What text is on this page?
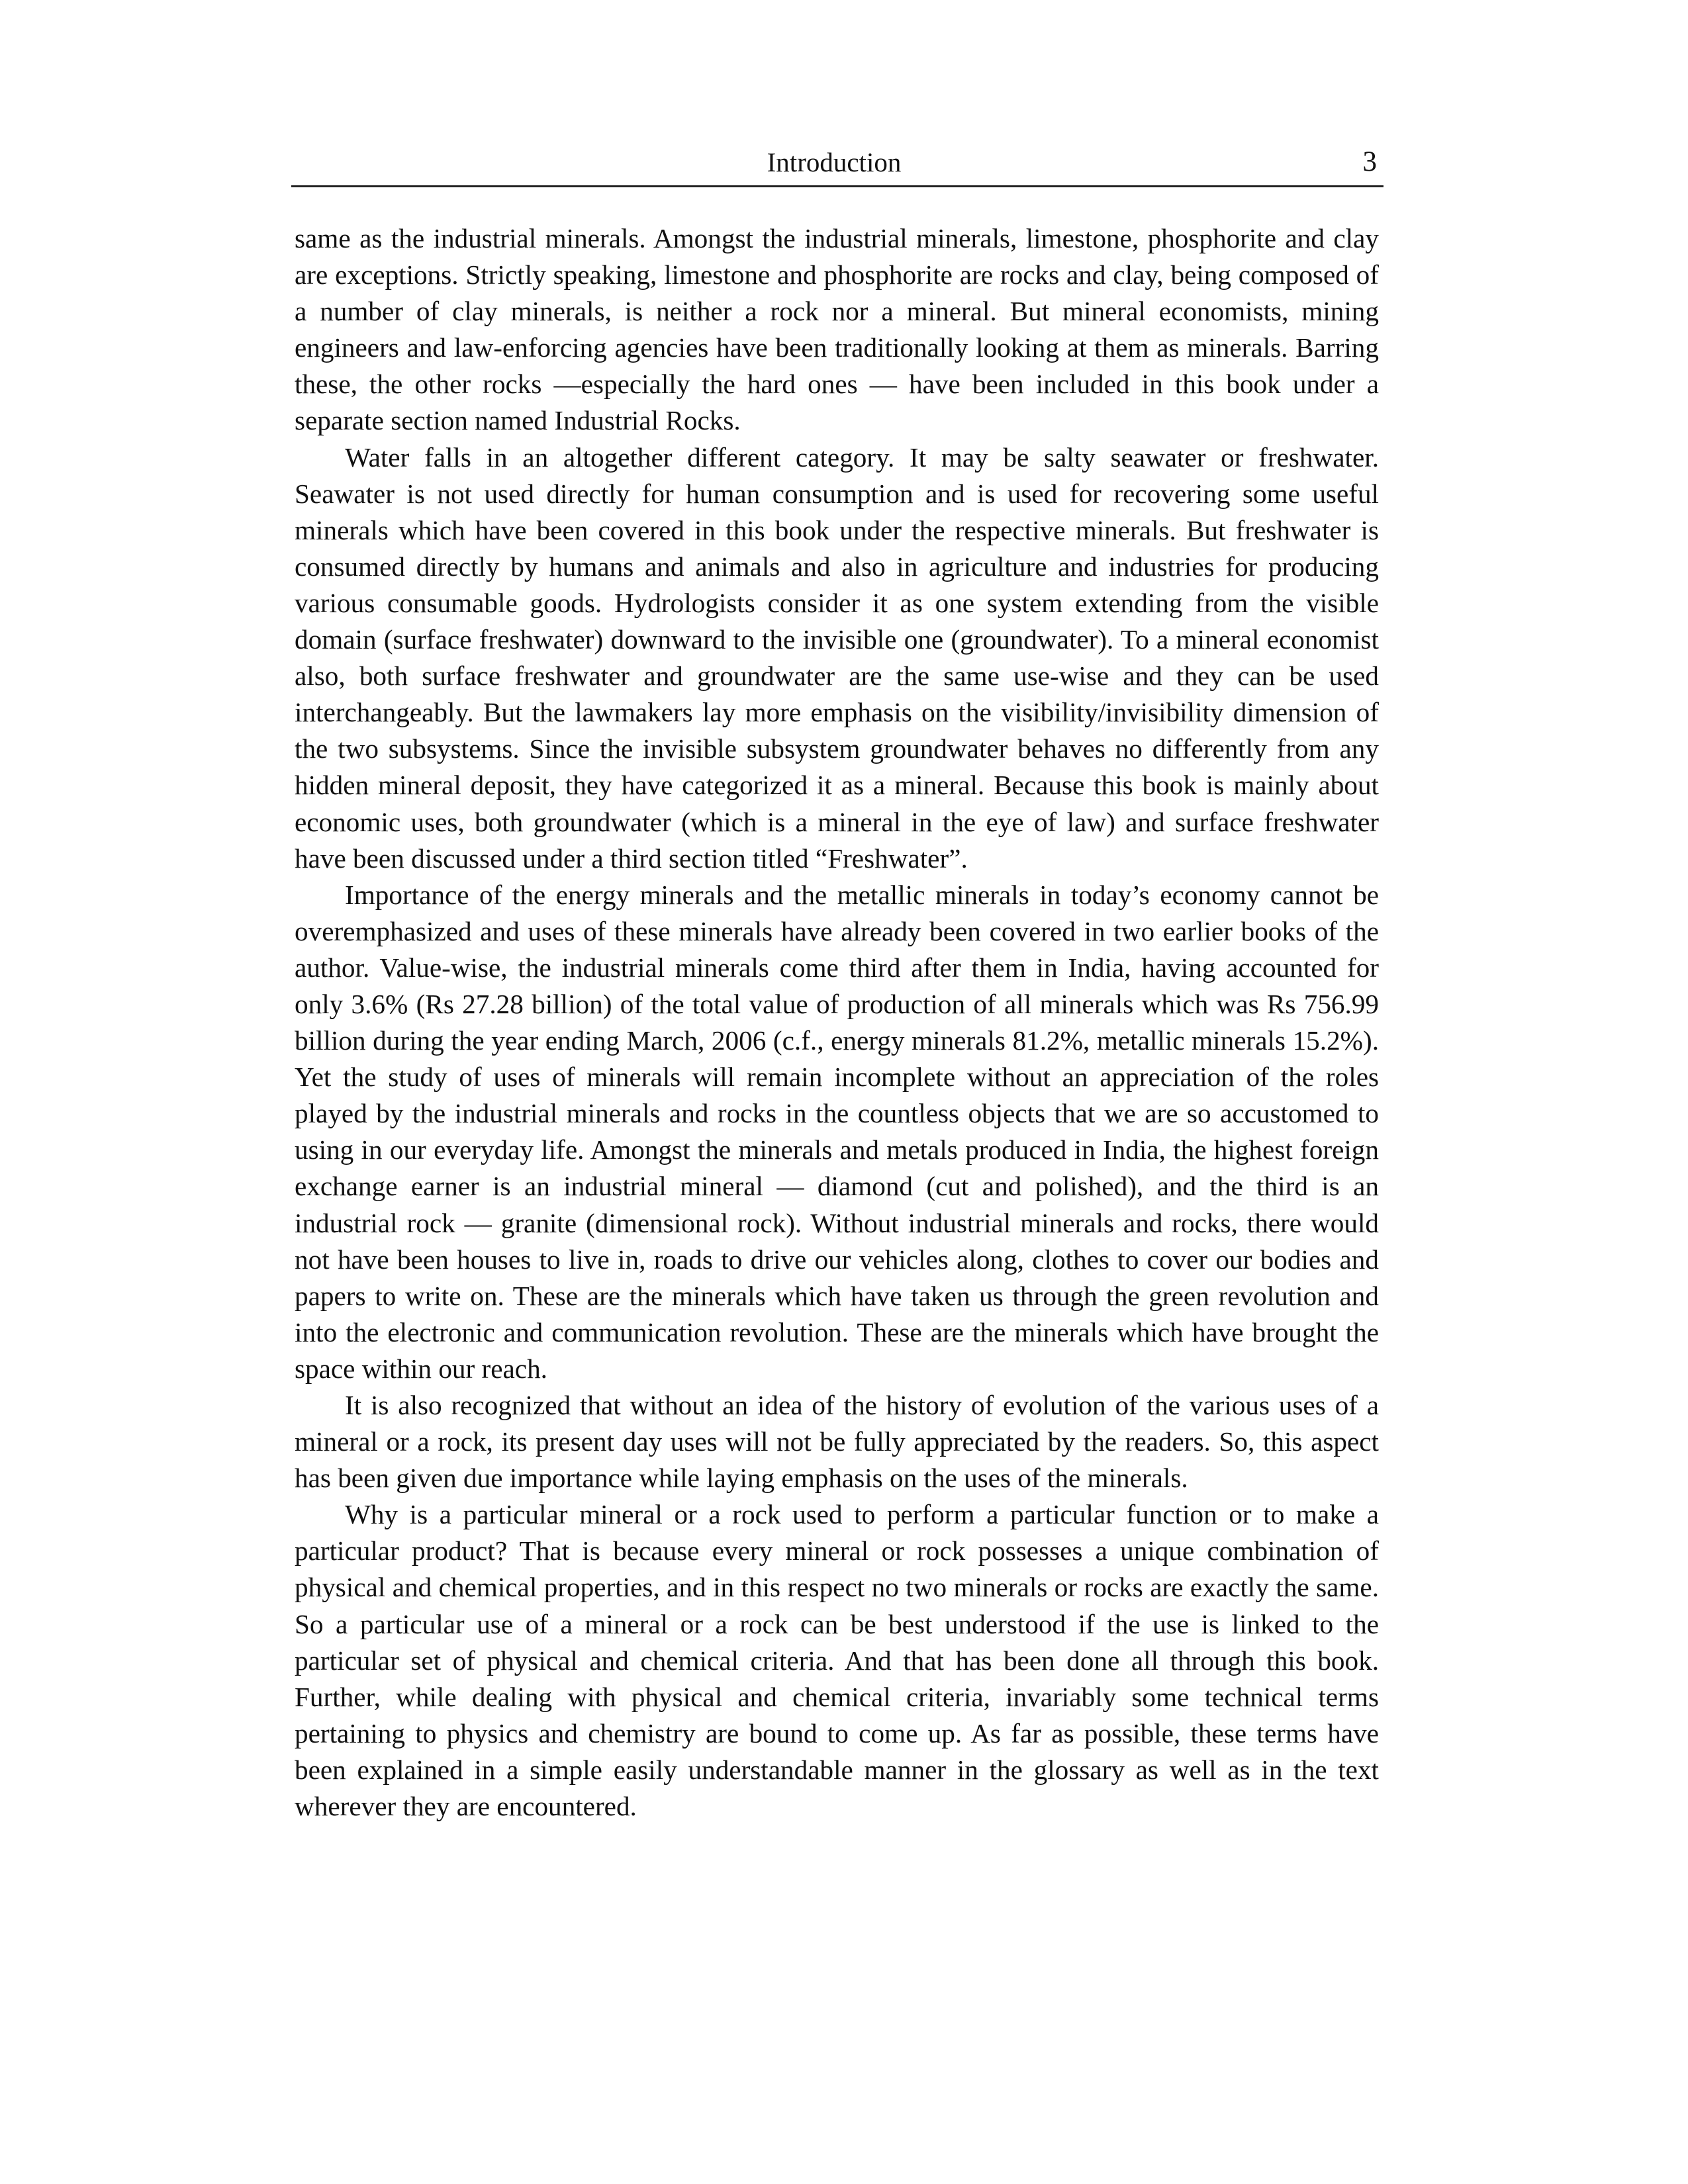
Introduction	3

same as the industrial minerals. Amongst the industrial minerals, limestone, phosphorite and clay are exceptions. Strictly speaking, limestone and phosphorite are rocks and clay, being composed of a number of clay minerals, is neither a rock nor a mineral. But mineral economists, mining engineers and law-enforcing agencies have been traditionally looking at them as minerals. Barring these, the other rocks —especially the hard ones — have been included in this book under a separate section named Industrial Rocks.

Water falls in an altogether different category. It may be salty seawater or freshwater. Seawater is not used directly for human consumption and is used for recovering some useful minerals which have been covered in this book under the respective minerals. But freshwater is consumed directly by humans and animals and also in agriculture and industries for producing various consumable goods. Hydrologists consider it as one system extending from the visible domain (surface freshwater) downward to the invisible one (groundwater). To a mineral economist also, both surface freshwater and groundwater are the same use-wise and they can be used interchangeably. But the lawmakers lay more emphasis on the visibility/invisibility dimension of the two subsystems. Since the invisible subsystem groundwater behaves no differently from any hidden mineral deposit, they have categorized it as a mineral. Because this book is mainly about economic uses, both groundwater (which is a mineral in the eye of law) and surface freshwater have been discussed under a third section titled “Freshwater”.

Importance of the energy minerals and the metallic minerals in today’s economy cannot be overemphasized and uses of these minerals have already been covered in two earlier books of the author. Value-wise, the industrial minerals come third after them in India, having accounted for only 3.6% (Rs 27.28 billion) of the total value of production of all minerals which was Rs 756.99 billion during the year ending March, 2006 (c.f., energy minerals 81.2%, metallic minerals 15.2%). Yet the study of uses of minerals will remain incomplete without an appreciation of the roles played by the industrial minerals and rocks in the countless objects that we are so accustomed to using in our everyday life. Amongst the minerals and metals produced in India, the highest foreign exchange earner is an industrial mineral — diamond (cut and polished), and the third is an industrial rock — granite (dimensional rock). Without industrial minerals and rocks, there would not have been houses to live in, roads to drive our vehicles along, clothes to cover our bodies and papers to write on. These are the minerals which have taken us through the green revolution and into the electronic and communication revolution. These are the minerals which have brought the space within our reach.

It is also recognized that without an idea of the history of evolution of the various uses of a mineral or a rock, its present day uses will not be fully appreciated by the readers. So, this aspect has been given due importance while laying emphasis on the uses of the minerals.

Why is a particular mineral or a rock used to perform a particular function or to make a particular product? That is because every mineral or rock possesses a unique combination of physical and chemical properties, and in this respect no two minerals or rocks are exactly the same. So a particular use of a mineral or a rock can be best understood if the use is linked to the particular set of physical and chemical criteria. And that has been done all through this book. Further, while dealing with physical and chemical criteria, invariably some technical terms pertaining to physics and chemistry are bound to come up. As far as possible, these terms have been explained in a simple easily understandable manner in the glossary as well as in the text wherever they are encountered.
